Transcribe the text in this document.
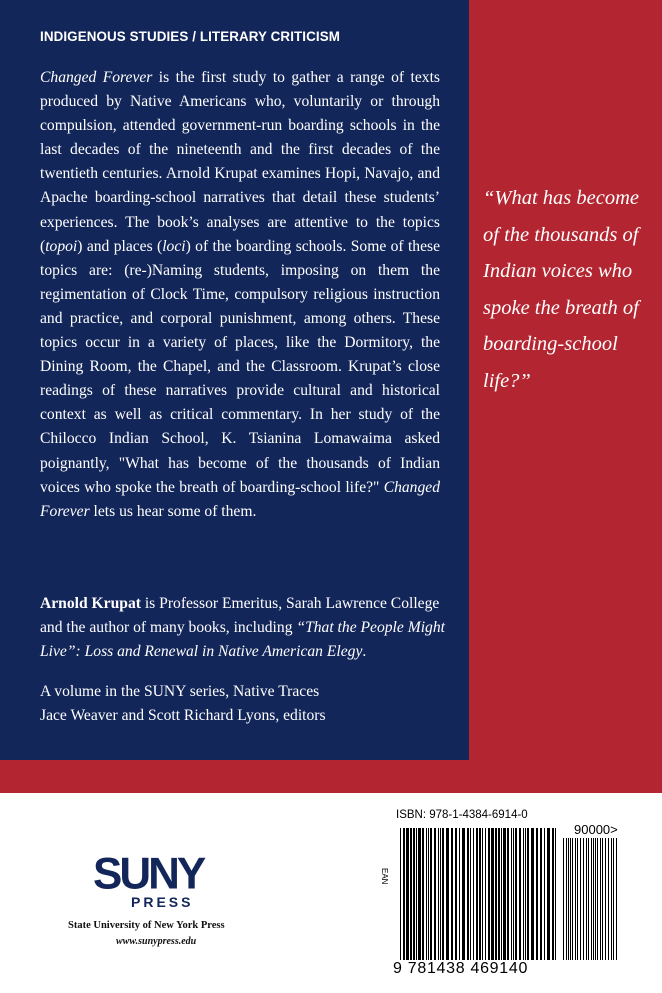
INDIGENOUS STUDIES / LITERARY CRITICISM

Changed Forever is the first study to gather a range of texts produced by Native Americans who, voluntarily or through compulsion, attended government-run boarding schools in the last decades of the nineteenth and the first decades of the twentieth centuries. Arnold Krupat examines Hopi, Navajo, and Apache boarding-school narratives that detail these students’ experiences. The book’s analyses are attentive to the topics (topoi) and places (loci) of the boarding schools. Some of these topics are: (re-)Naming students, imposing on them the regimentation of Clock Time, compulsory religious instruction and practice, and corporal punishment, among others. These topics occur in a variety of places, like the Dormitory, the Dining Room, the Chapel, and the Classroom. Krupat’s close readings of these narratives provide cultural and historical context as well as critical commentary. In her study of the Chilocco Indian School, K. Tsianina Lomawaima asked poignantly, "What has become of the thousands of Indian voices who spoke the breath of boarding-school life?" Changed Forever lets us hear some of them.

Arnold Krupat is Professor Emeritus, Sarah Lawrence College and the author of many books, including “That the People Might Live”: Loss and Renewal in Native American Elegy.

A volume in the SUNY series, Native Traces
Jace Weaver and Scott Richard Lyons, editors

“What has become of the thousands of Indian voices who spoke the breath of boarding-school life?”

SUNY
PRESS
State University of New York Press
www.sunypress.edu
ISBN: 978-1-4384-6914-0
90000>
EAN
9 781438 469140
